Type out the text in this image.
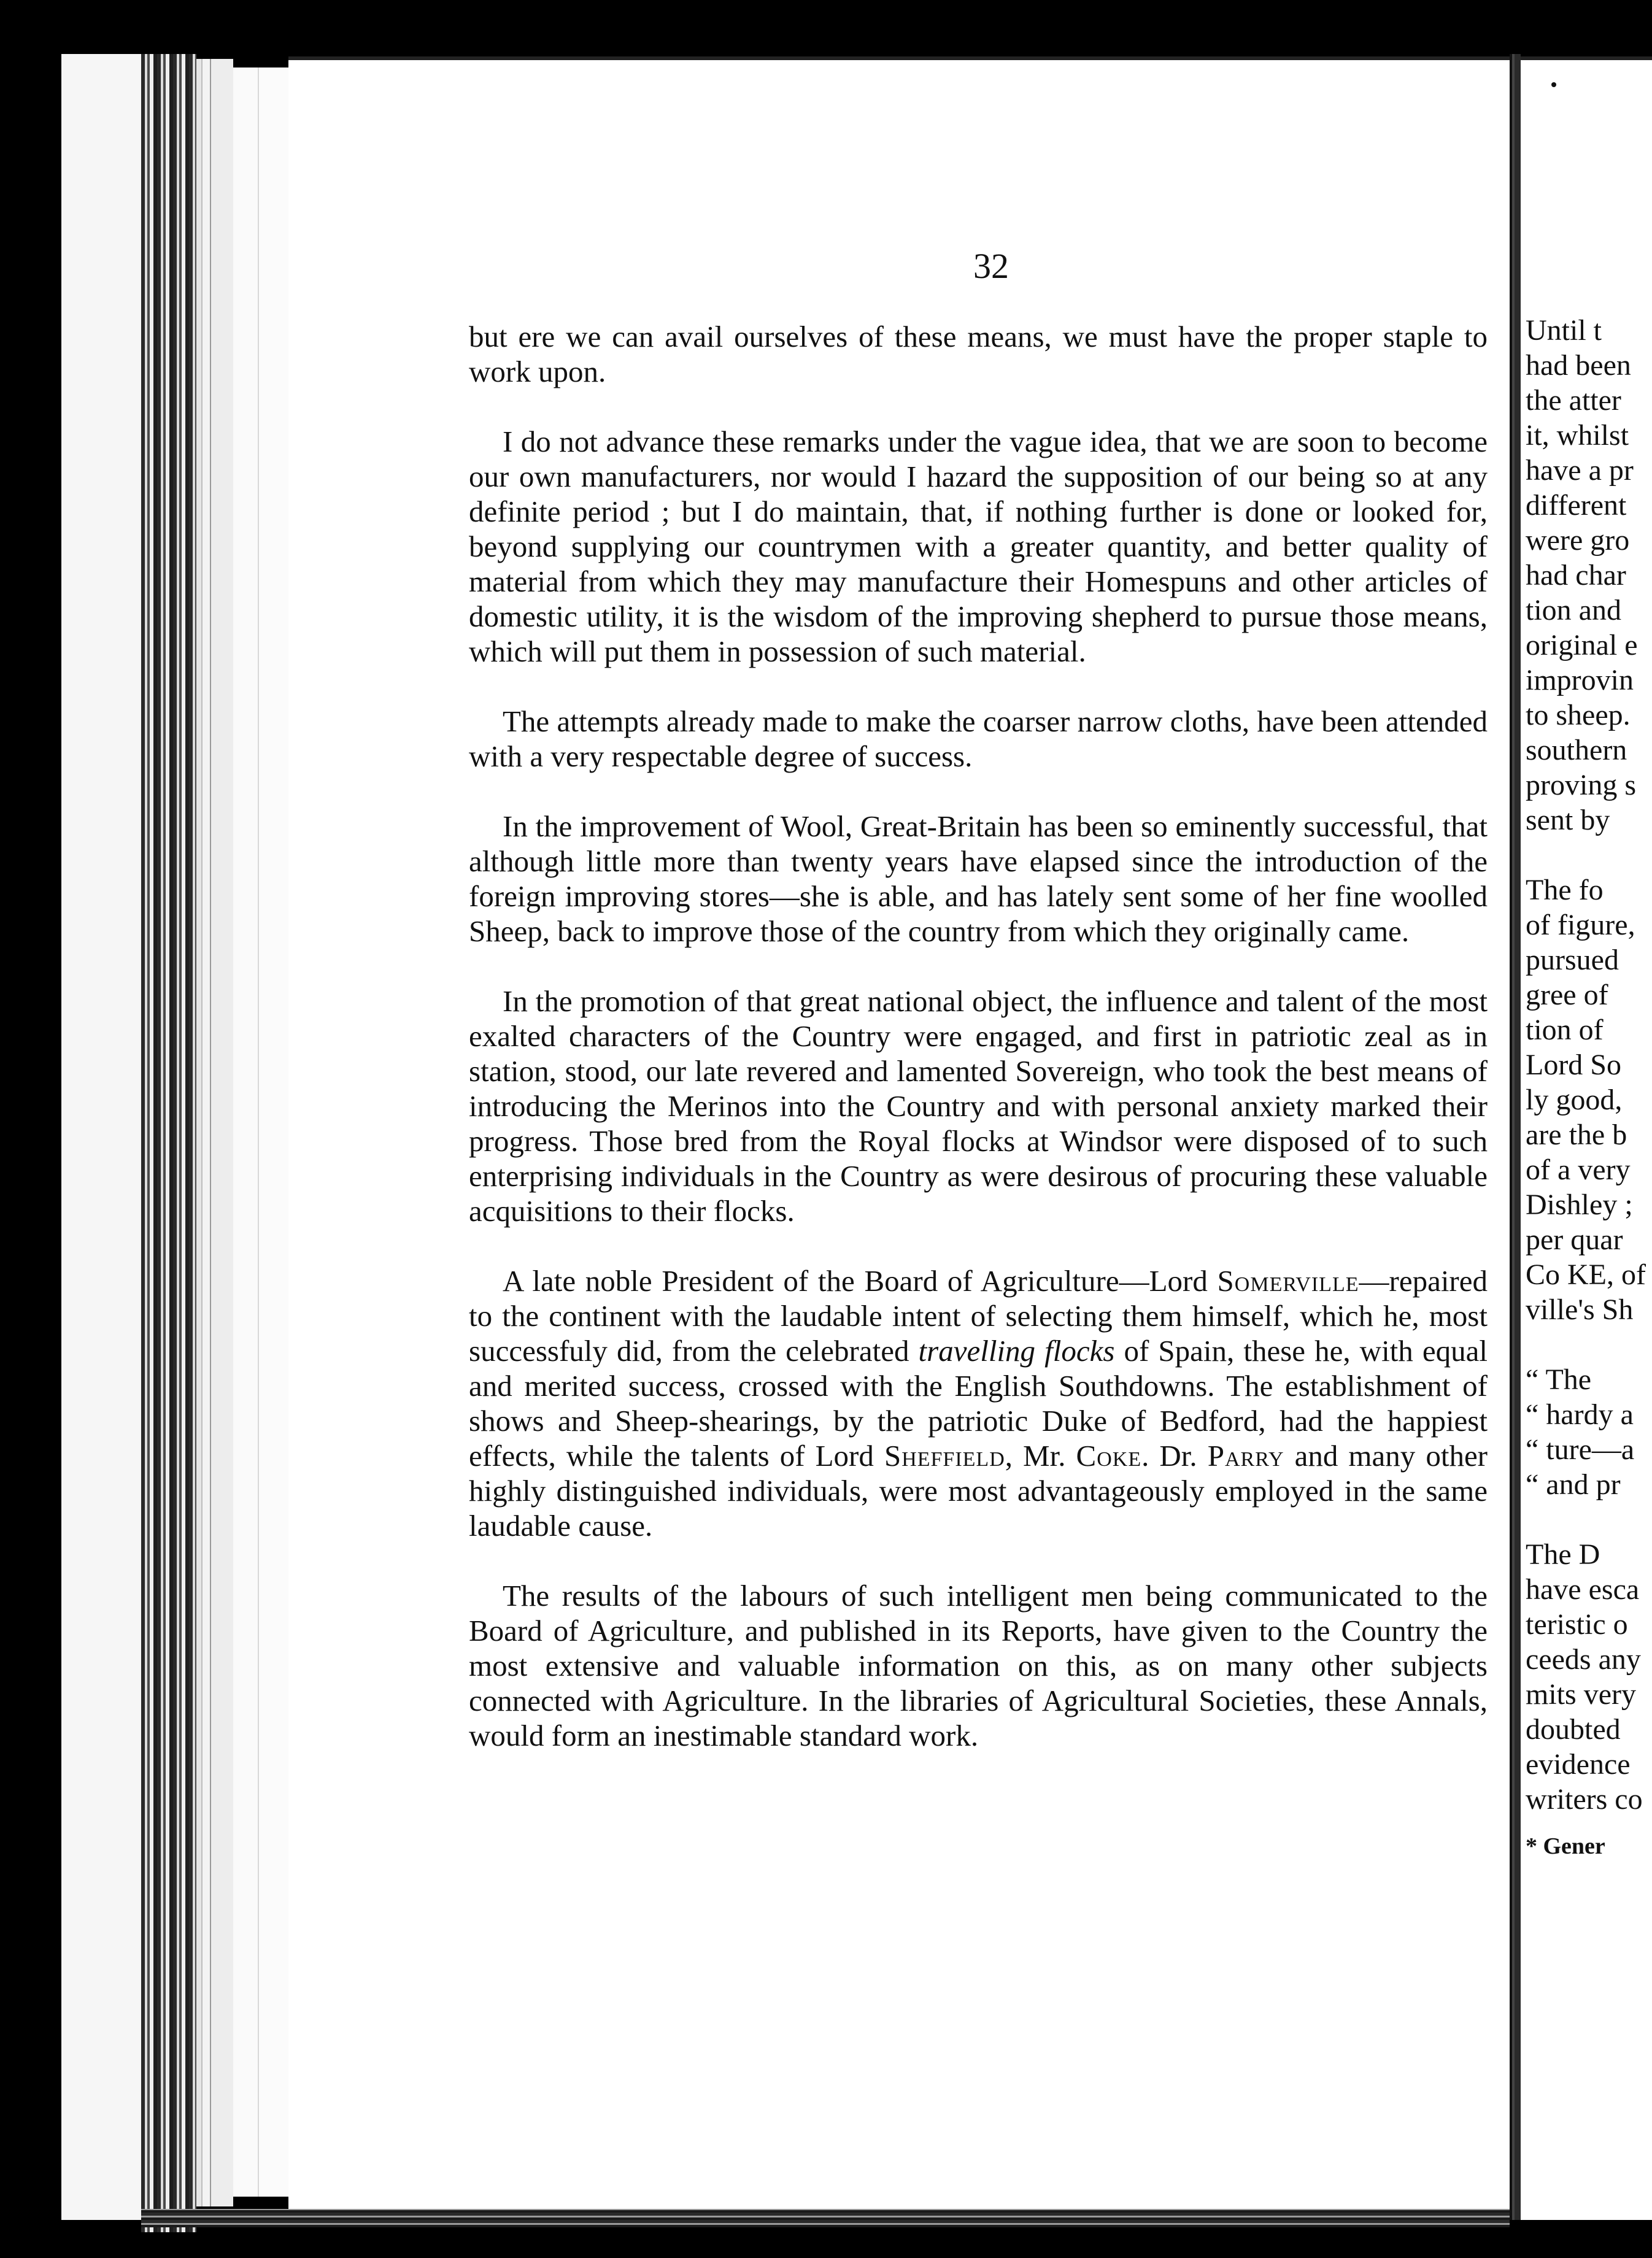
32

but ere we can avail ourselves of these means, we must have the proper staple to work upon.

I do not advance these remarks under the vague idea, that we are soon to become our own manufacturers, nor would I hazard the supposition of our being so at any definite period ; but I do maintain, that, if nothing further is done or looked for, beyond supplying our countrymen with a greater quantity, and better quality of material from which they may manufacture their Homespuns and other articles of domestic utility, it is the wisdom of the improving shepherd to pursue those means, which will put them in possession of such material.

The attempts already made to make the coarser narrow cloths, have been attended with a very respectable degree of success.

In the improvement of Wool, Great-Britain has been so eminently successful, that although little more than twenty years have elapsed since the introduction of the foreign improving stores—she is able, and has lately sent some of her fine woolled Sheep, back to improve those of the country from which they originally came.

In the promotion of that great national object, the influence and talent of the most exalted characters of the Country were engaged, and first in patriotic zeal as in station, stood, our late revered and lamented Sovereign, who took the best means of introducing the Merinos into the Country and with personal anxiety marked their progress. Those bred from the Royal flocks at Windsor were disposed of to such enterprising individuals in the Country as were desirous of procuring these valuable acquisitions to their flocks.

A late noble President of the Board of Agriculture—Lord Somerville—repaired to the continent with the laudable intent of selecting them himself, which he, most successfuly did, from the celebrated travelling flocks of Spain, these he, with equal and merited success, crossed with the English Southdowns. The establishment of shows and Sheep-shearings, by the patriotic Duke of Bedford, had the happiest effects, while the talents of Lord Sheffield, Mr. Coke. Dr. Parry and many other highly distinguished individuals, were most advantageously employed in the same laudable cause.

The results of the labours of such intelligent men being communicated to the Board of Agriculture, and published in its Reports, have given to the Country the most extensive and valuable information on this, as on many other subjects connected with Agriculture. In the libraries of Agricultural Societies, these Annals, would form an inestimable standard work.

Until t
had been
the atter
it, whilst
have a pr
different
were gro
had char
tion and
original e
improvin
to sheep.
southern
proving s
sent by
The fo
of figure,
pursued
gree of
tion of
Lord So
ly good,
are the b
of a very
Dishley ;
per quar
Co KE, of
ville's Sh
“ The
“ hardy a
“ ture—a
“ and pr
The D
have esca
teristic o
ceeds any
mits very
doubted
evidence
writers co
* Gener
